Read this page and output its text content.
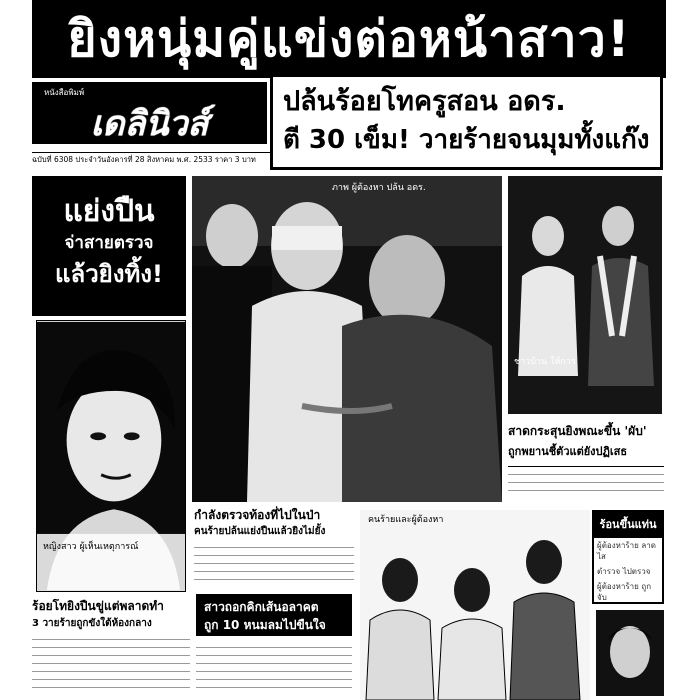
ยิงหนุ่มคู่แข่งต่อหน้าสาว!
หนังสือพิมพ์
เดลินิวส์
ปล้นร้อยโทครูสอน อดร.
ตี 30 เข็ม! วายร้ายจนมุมทั้งแก๊ง
ฉบับที่ 6308 ประจำวันอังคารที่ 28 สิงหาคม พ.ศ. 2533 ราคา 3 บาท
แย่งปืน
จ่าสายตรวจ
แล้วยิงทิ้ง!
หญิงสาว ผู้เห็นเหตุการณ์
ภาพ ผู้ต้องหา ปล้น อดร.
ชาวบ้าน ให้การ
สาดกระสุนยิงพณะขึ้น 'ผับ'
ถูกพยานชี้ตัวแต่ยังปฏิเสธ
กำลังตรวจท้องที่ไปในป่า
คนร้ายปล้นแย่งปืนแล้วยิงไม่ยั้ง
สาวถอกคิกเส้นอลาคต
ถูก 10 หนมลมไปขืนใจ
คนร้ายและผู้ต้องหา	ร้อนขึ้นแท่น
ผู้ต้องหาร้าย ลาดไส
ตำรวจ ไปตรวจ
ผู้ต้องหาร้าย ถูกจับ
ร้อยโทยิงปืนขู่แต่พลาดทำ
3 วายร้ายถูกขังใต้ห้องกลาง
